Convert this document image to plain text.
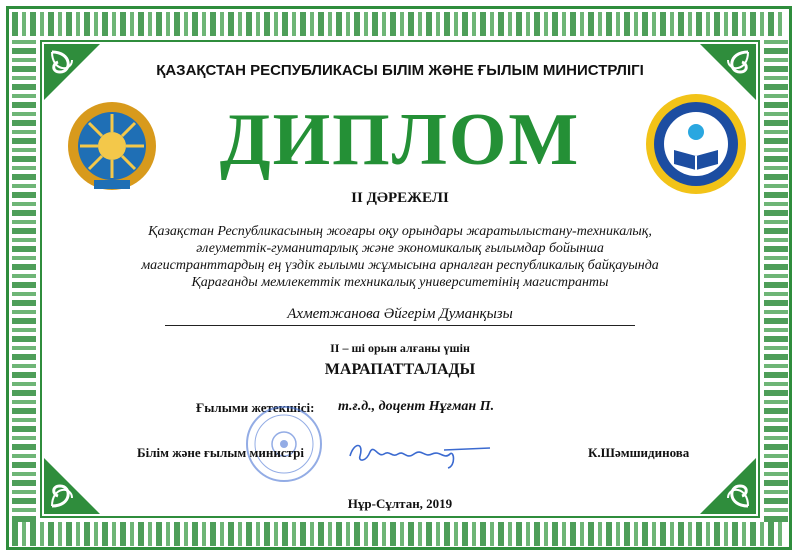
ҚАЗАҚСТАН РЕСПУБЛИКАСЫ БІЛІМ ЖӘНЕ ҒЫЛЫМ МИНИСТРЛІГІ
ДИПЛОМ
II ДӘРЕЖЕЛІ
Қазақстан Республикасының жоғары оқу орындары жаратылыстану-техникалық,
әлеуметтік-гуманитарлық және экономикалық ғылымдар бойынша
магистранттардың ең үздік ғылыми жұмысына арналған республикалық байқауында
Қарағанды мемлекеттік техникалық университетінің магистранты
Ахметжанова Әйгерім Думанқызы
II – ші орын алғаны үшін
МАРАПАТТАЛАДЫ
Ғылыми жетекшісі: т.ғ.д., доцент Нұғман П.
Білім және ғылым министрі	К.Шәмшидинова
Нұр-Сұлтан, 2019
